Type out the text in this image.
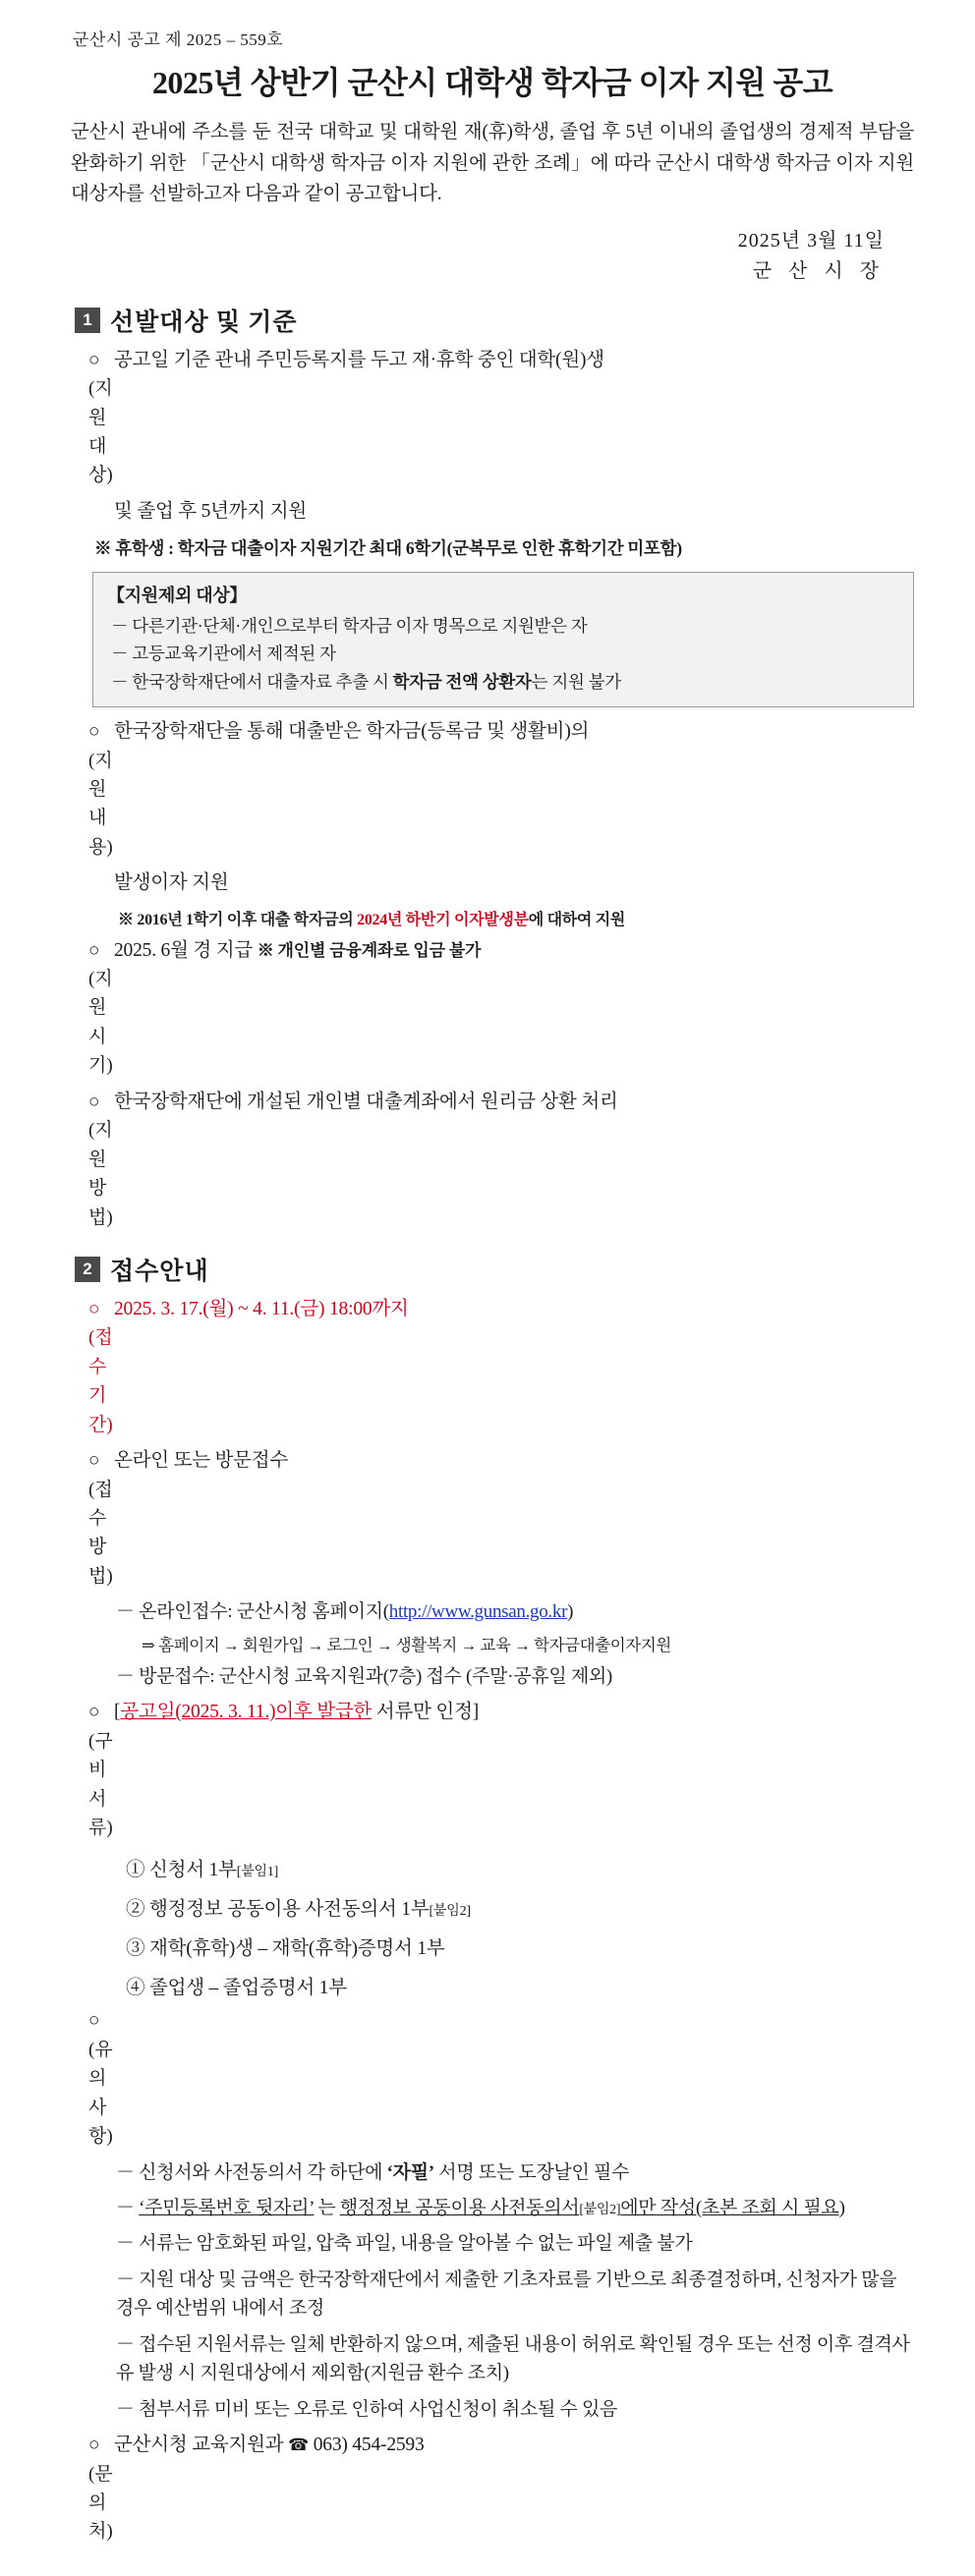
군산시 공고 제 2025 – 559호
2025년 상반기 군산시 대학생 학자금 이자 지원 공고
군산시 관내에 주소를 둔 전국 대학교 및 대학원 재(휴)학생, 졸업 후 5년 이내의 졸업생의 경제적 부담을 완화하기 위한 「군산시 대학생 학자금 이자 지원에 관한 조례」에 따라 군산시 대학생 학자금 이자 지원 대상자를 선발하고자 다음과 같이 공고합니다.
2025년 3월 11일
군 산 시 장
1 선발대상 및 기준
○ (지원대상)
공고일 기준 관내 주민등록지를 두고 재·휴학 중인 대학(원)생
및 졸업 후 5년까지 지원
※ 휴학생 : 학자금 대출이자 지원기간 최대 6학기(군복무로 인한 휴학기간 미포함)
【지원제외 대상】
－ 다른기관·단체·개인으로부터 학자금 이자 명목으로 지원받은 자
－ 고등교육기관에서 제적된 자
－ 한국장학재단에서 대출자료 추출 시 학자금 전액 상환자는 지원 불가
○ (지원내용)
한국장학재단을 통해 대출받은 학자금(등록금 및 생활비)의
발생이자 지원
※ 2016년 1학기 이후 대출 학자금의 2024년 하반기 이자발생분에 대하여 지원
○ (지원시기)
2025. 6월 경 지급 ※ 개인별 금융계좌로 입금 불가
○ (지원방법)
한국장학재단에 개설된 개인별 대출계좌에서 원리금 상환 처리
2 접수안내
○ (접수기간)
2025. 3. 17.(월) ~ 4. 11.(금) 18:00까지
○ (접수방법)
온라인 또는 방문접수
－ 온라인접수: 군산시청 홈페이지(http://www.gunsan.go.kr)
⇒ 홈페이지 → 회원가입 → 로그인 → 생활복지 → 교육 → 학자금대출이자지원
－ 방문접수: 군산시청 교육지원과(7층) 접수 (주말·공휴일 제외)
○ (구비서류)
[공고일(2025. 3. 11.)이후 발급한 서류만 인정]
① 신청서 1부[붙임1]
② 행정정보 공동이용 사전동의서 1부[붙임2]
③ 재학(휴학)생 – 재학(휴학)증명서 1부
④ 졸업생 – 졸업증명서 1부
○ (유의사항)
－ 신청서와 사전동의서 각 하단에 ‘자필’ 서명 또는 도장날인 필수
－ ‘주민등록번호 뒷자리’ 는 행정정보 공동이용 사전동의서[붙임2]에만 작성(초본 조회 시 필요)
－ 서류는 암호화된 파일, 압축 파일, 내용을 알아볼 수 없는 파일 제출 불가
－ 지원 대상 및 금액은 한국장학재단에서 제출한 기초자료를 기반으로 최종결정하며, 신청자가 많을 경우 예산범위 내에서 조정
－ 접수된 지원서류는 일체 반환하지 않으며, 제출된 내용이 허위로 확인될 경우 또는 선정 이후 결격사유 발생 시 지원대상에서 제외함(지원금 환수 조치)
－ 첨부서류 미비 또는 오류로 인하여 사업신청이 취소될 수 있음
○ (문의처)
군산시청 교육지원과 ☎ 063) 454-2593
